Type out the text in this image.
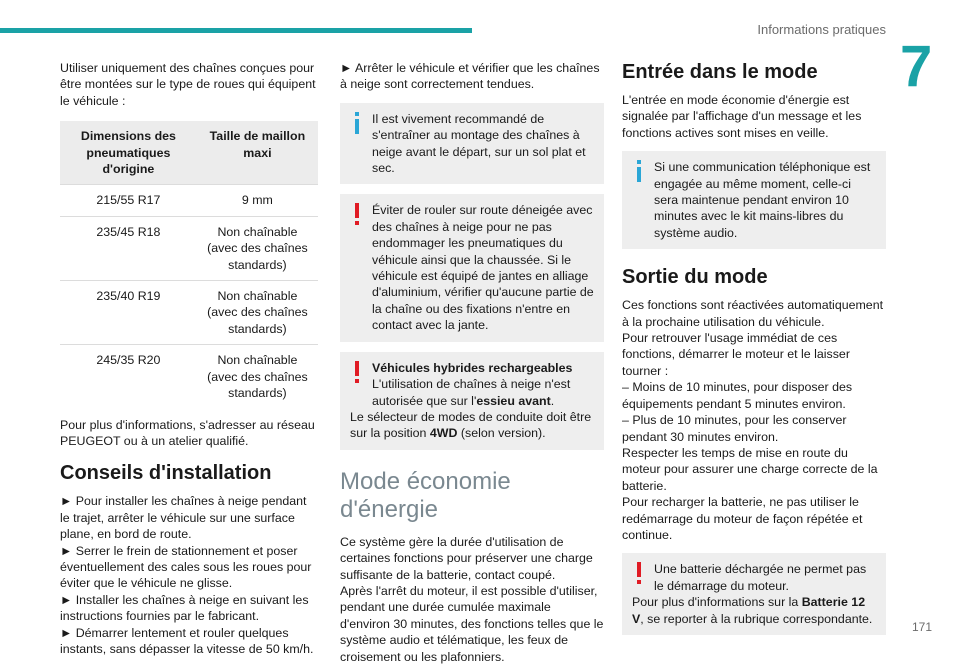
Informations pratiques
7

Utiliser uniquement des chaînes conçues pour être montées sur le type de roues qui équipent le véhicule :

Dimensions des pneumatiques d'origine	Taille de maillon maxi
215/55 R17	9 mm
235/45 R18	Non chaînable (avec des chaînes standards)
235/40 R19	Non chaînable (avec des chaînes standards)
245/35 R20	Non chaînable (avec des chaînes standards)

Pour plus d'informations, s'adresser au réseau PEUGEOT ou à un atelier qualifié.

Conseils d'installation

► Pour installer les chaînes à neige pendant le trajet, arrêter le véhicule sur une surface plane, en bord de route.

► Serrer le frein de stationnement et poser éventuellement des cales sous les roues pour éviter que le véhicule ne glisse.

► Installer les chaînes à neige en suivant les instructions fournies par le fabricant.

► Démarrer lentement et rouler quelques instants, sans dépasser la vitesse de 50 km/h.

► Arrêter le véhicule et vérifier que les chaînes à neige sont correctement tendues.

Il est vivement recommandé de s'entraîner au montage des chaînes à neige avant le départ, sur un sol plat et sec.
Éviter de rouler sur route déneigée avec des chaînes à neige pour ne pas endommager les pneumatiques du véhicule ainsi que la chaussée. Si le véhicule est équipé de jantes en alliage d'aluminium, vérifier qu'aucune partie de la chaîne ou des fixations n'entre en contact avec la jante.
Véhicules hybrides rechargeables
L'utilisation de chaînes à neige n'est autorisée que sur l'essieu avant.

Le sélecteur de modes de conduite doit être sur la position 4WD (selon version).

Mode économie d'énergie

Ce système gère la durée d'utilisation de certaines fonctions pour préserver une charge suffisante de la batterie, contact coupé.

Après l'arrêt du moteur, il est possible d'utiliser, pendant une durée cumulée maximale d'environ 30 minutes, des fonctions telles que le système audio et télématique, les feux de croisement ou les plafonniers.

Entrée dans le mode

L'entrée en mode économie d'énergie est signalée par l'affichage d'un message et les fonctions actives sont mises en veille.

Si une communication téléphonique est engagée au même moment, celle-ci sera maintenue pendant environ 10 minutes avec le kit mains-libres du système audio.
Sortie du mode

Ces fonctions sont réactivées automatiquement à la prochaine utilisation du véhicule.

Pour retrouver l'usage immédiat de ces fonctions, démarrer le moteur et le laisser tourner :

– Moins de 10 minutes, pour disposer des équipements pendant 5 minutes environ.

– Plus de 10 minutes, pour les conserver pendant 30 minutes environ.

Respecter les temps de mise en route du moteur pour assurer une charge correcte de la batterie.

Pour recharger la batterie, ne pas utiliser le redémarrage du moteur de façon répétée et continue.

Une batterie déchargée ne permet pas le démarrage du moteur.

Pour plus d'informations sur la Batterie 12 V, se reporter à la rubrique correspondante.

171
